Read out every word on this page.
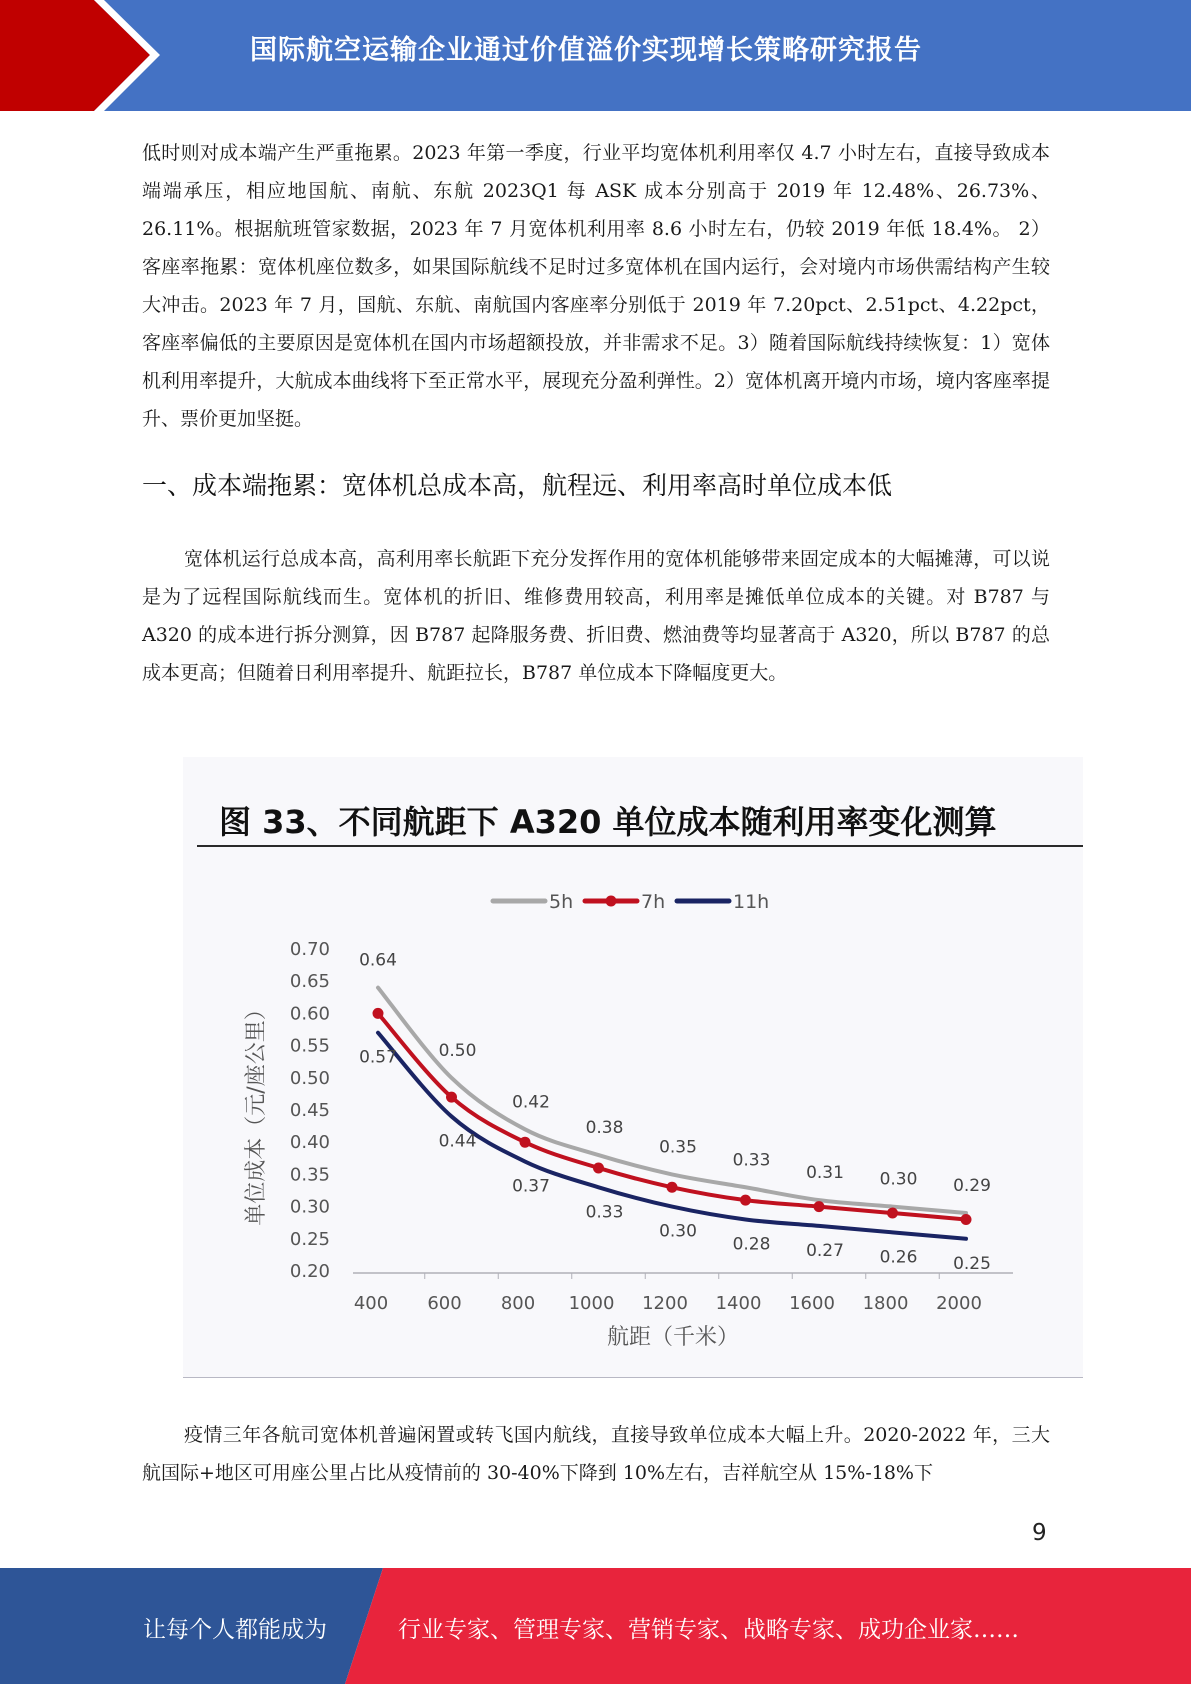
国际航空运输企业通过价值溢价实现增长策略研究报告

低时则对成本端产生严重拖累。2023 年第一季度，行业平均宽体机利用率仅 4.7 小时左右，直接导致成本端端承压，相应地国航、南航、东航 2023Q1 每 ASK 成本分别高于 2019 年 12.48%、26.73%、26.11%。根据航班管家数据，2023 年 7 月宽体机利用率 8.6 小时左右，仍较 2019 年低 18.4%。 2）客座率拖累：宽体机座位数多，如果国际航线不足时过多宽体机在国内运行，会对境内市场供需结构产生较大冲击。2023 年 7 月，国航、东航、南航国内客座率分别低于 2019 年 7.20pct、2.51pct、4.22pct，客座率偏低的主要原因是宽体机在国内市场超额投放，并非需求不足。3）随着国际航线持续恢复：1）宽体机利用率提升，大航成本曲线将下至正常水平，展现充分盈利弹性。2）宽体机离开境内市场，境内客座率提升、票价更加坚挺。

一、成本端拖累：宽体机总成本高，航程远、利用率高时单位成本低

宽体机运行总成本高，高利用率长航距下充分发挥作用的宽体机能够带来固定成本的大幅摊薄，可以说是为了远程国际航线而生。宽体机的折旧、维修费用较高，利用率是摊低单位成本的关键。对 B787 与 A320 的成本进行拆分测算，因 B787 起降服务费、折旧费、燃油费等均显著高于 A320，所以 B787 的总成本更高；但随着日利用率提升、航距拉长，B787 单位成本下降幅度更大。

图 33、不同航距下 A320 单位成本随利用率变化测算
400 600 800 1000 1200 1400 1600 1800 2000
0.20
0.25
0.30
0.35
0.40
0.45
0.50
0.55
0.60
0.65
0.70
航距（千米）
单位成本（元/座公里）
0.64
0.50
0.42
0.38
0.35
0.33
0.31 0.30 0.29
0.57
0.44
0.37
0.33
0.30
0.28 0.27 0.26 0.25
5h	7h	11h

疫情三年各航司宽体机普遍闲置或转飞国内航线，直接导致单位成本大幅上升。2020-2022 年，三大航国际+地区可用座公里占比从疫情前的 30-40%下降到 10%左右，吉祥航空从 15%-18%下

9
让每个人都能成为	行业专家、管理专家、营销专家、战略专家、成功企业家……
